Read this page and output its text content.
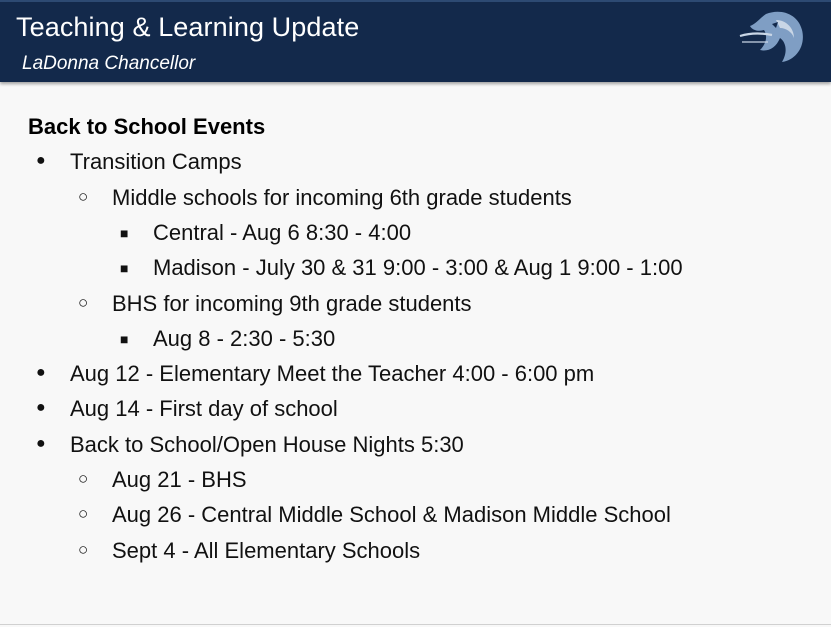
Teaching & Learning Update
LaDonna Chancellor
Back to School Events
● Transition Camps
○ Middle schools for incoming 6th grade students
■ Central - Aug 6 8:30 - 4:00
■ Madison - July 30 & 31 9:00 - 3:00 & Aug 1 9:00 - 1:00
○ BHS for incoming 9th grade students
■ Aug 8 - 2:30 - 5:30
● Aug 12 - Elementary Meet the Teacher 4:00 - 6:00 pm
● Aug 14 - First day of school
● Back to School/Open House Nights 5:30
○ Aug 21 - BHS
○ Aug 26 - Central Middle School & Madison Middle School
○ Sept 4 - All Elementary Schools
